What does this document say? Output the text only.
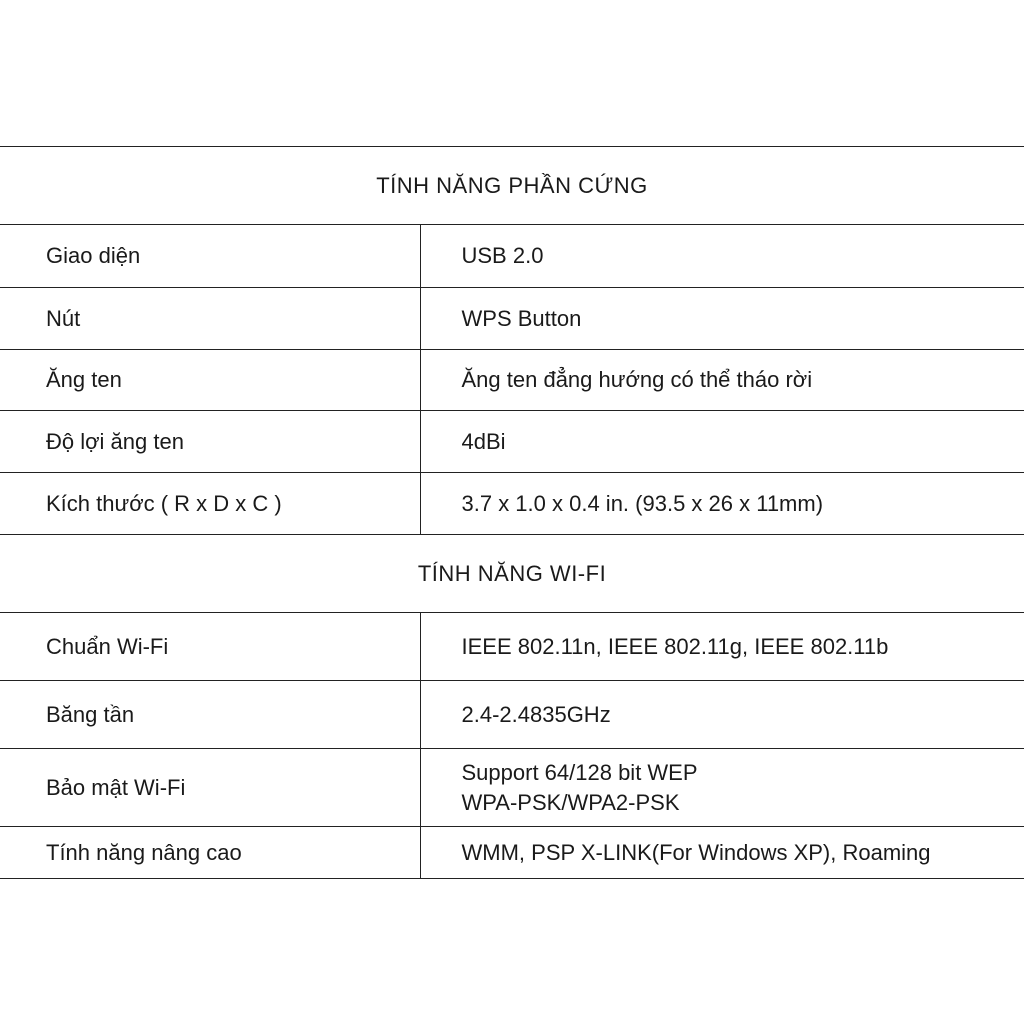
TÍNH NĂNG PHẦN CỨNG	
Giao diện	USB 2.0
Nút	WPS Button
Ăng ten	Ăng ten đẳng hướng có thể tháo rời
Độ lợi ăng ten	4dBi
Kích thước ( R x D x C )	3.7 x 1.0 x 0.4 in. (93.5 x 26 x 11mm)
TÍNH NĂNG WI-FI	
Chuẩn Wi-Fi	IEEE 802.11n, IEEE 802.11g, IEEE 802.11b
Băng tần	2.4-2.4835GHz
Bảo mật Wi-Fi	Support 64/128 bit WEP
WPA-PSK/WPA2-PSK

Tính năng nâng cao	WMM, PSP X-LINK(For Windows XP), Roaming
